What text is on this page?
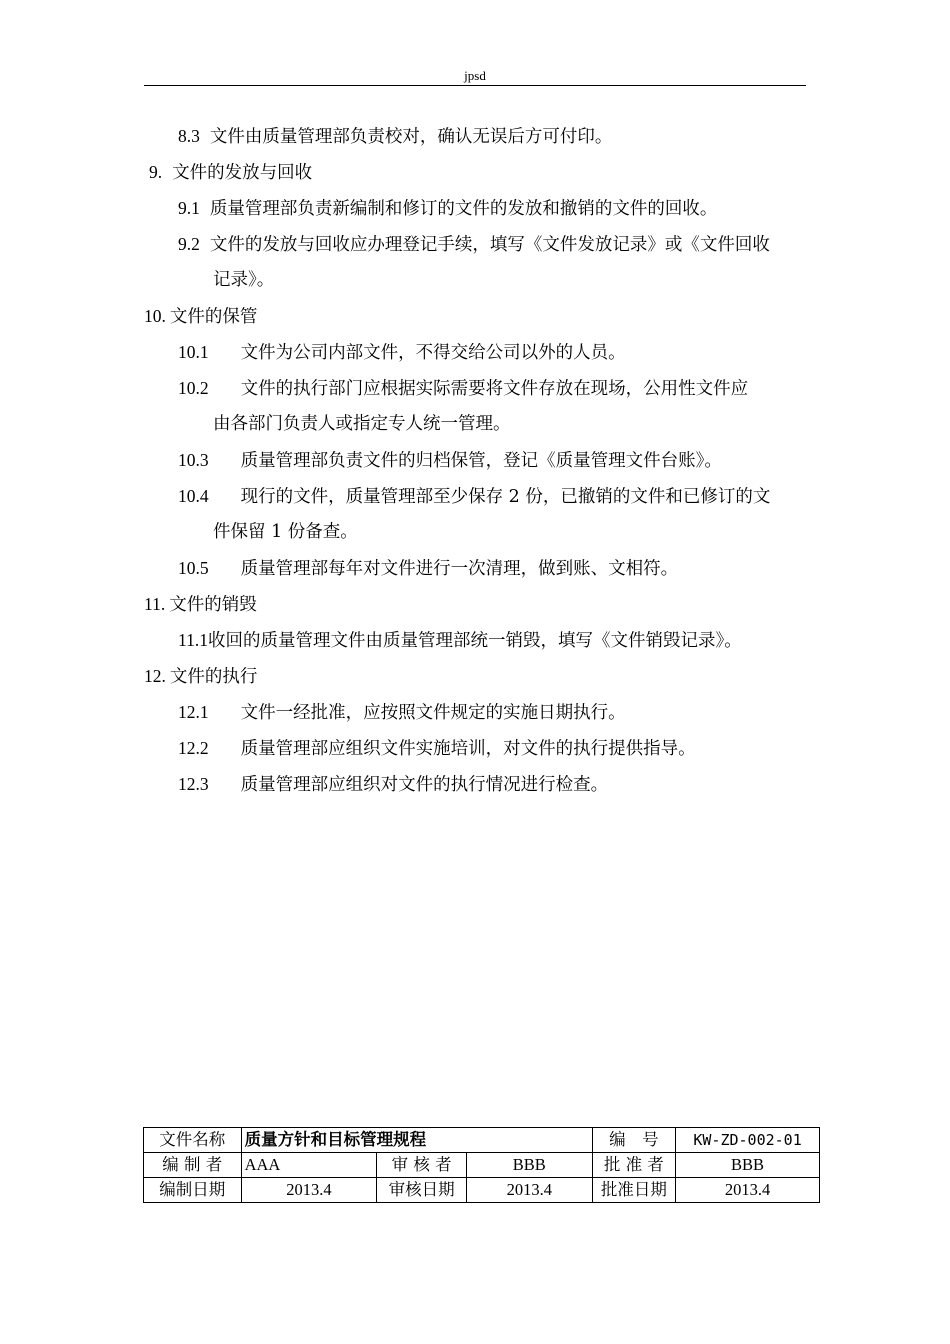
jpsd
8.3 文件由质量管理部负责校对，确认无误后方可付印。
9. 文件的发放与回收
9.1 质量管理部负责新编制和修订的文件的发放和撤销的文件的回收。
9.2 文件的发放与回收应办理登记手续，填写《文件发放记录》或《文件回收
记录》。
10. 文件的保管
10.1 文件为公司内部文件，不得交给公司以外的人员。
10.2 文件的执行部门应根据实际需要将文件存放在现场，公用性文件应
由各部门负责人或指定专人统一管理。
10.3 质量管理部负责文件的归档保管，登记《质量管理文件台账》。
10.4 现行的文件，质量管理部至少保存 2 份，已撤销的文件和已修订的文
件保留 1 份备查。
10.5 质量管理部每年对文件进行一次清理，做到账、文相符。
11. 文件的销毁
11.1收回的质量管理文件由质量管理部统一销毁，填写《文件销毁记录》。
12. 文件的执行
12.1 文件一经批准，应按照文件规定的实施日期执行。
12.2 质量管理部应组织文件实施培训，对文件的执行提供指导。
12.3 质量管理部应组织对文件的执行情况进行检查。
文件名称	质量方针和目标管理规程			编　号	KW-ZD-002-01
编 制 者	AAA	审 核 者	BBB	批 准 者	BBB
编制日期	2013.4	审核日期	2013.4	批准日期	2013.4
